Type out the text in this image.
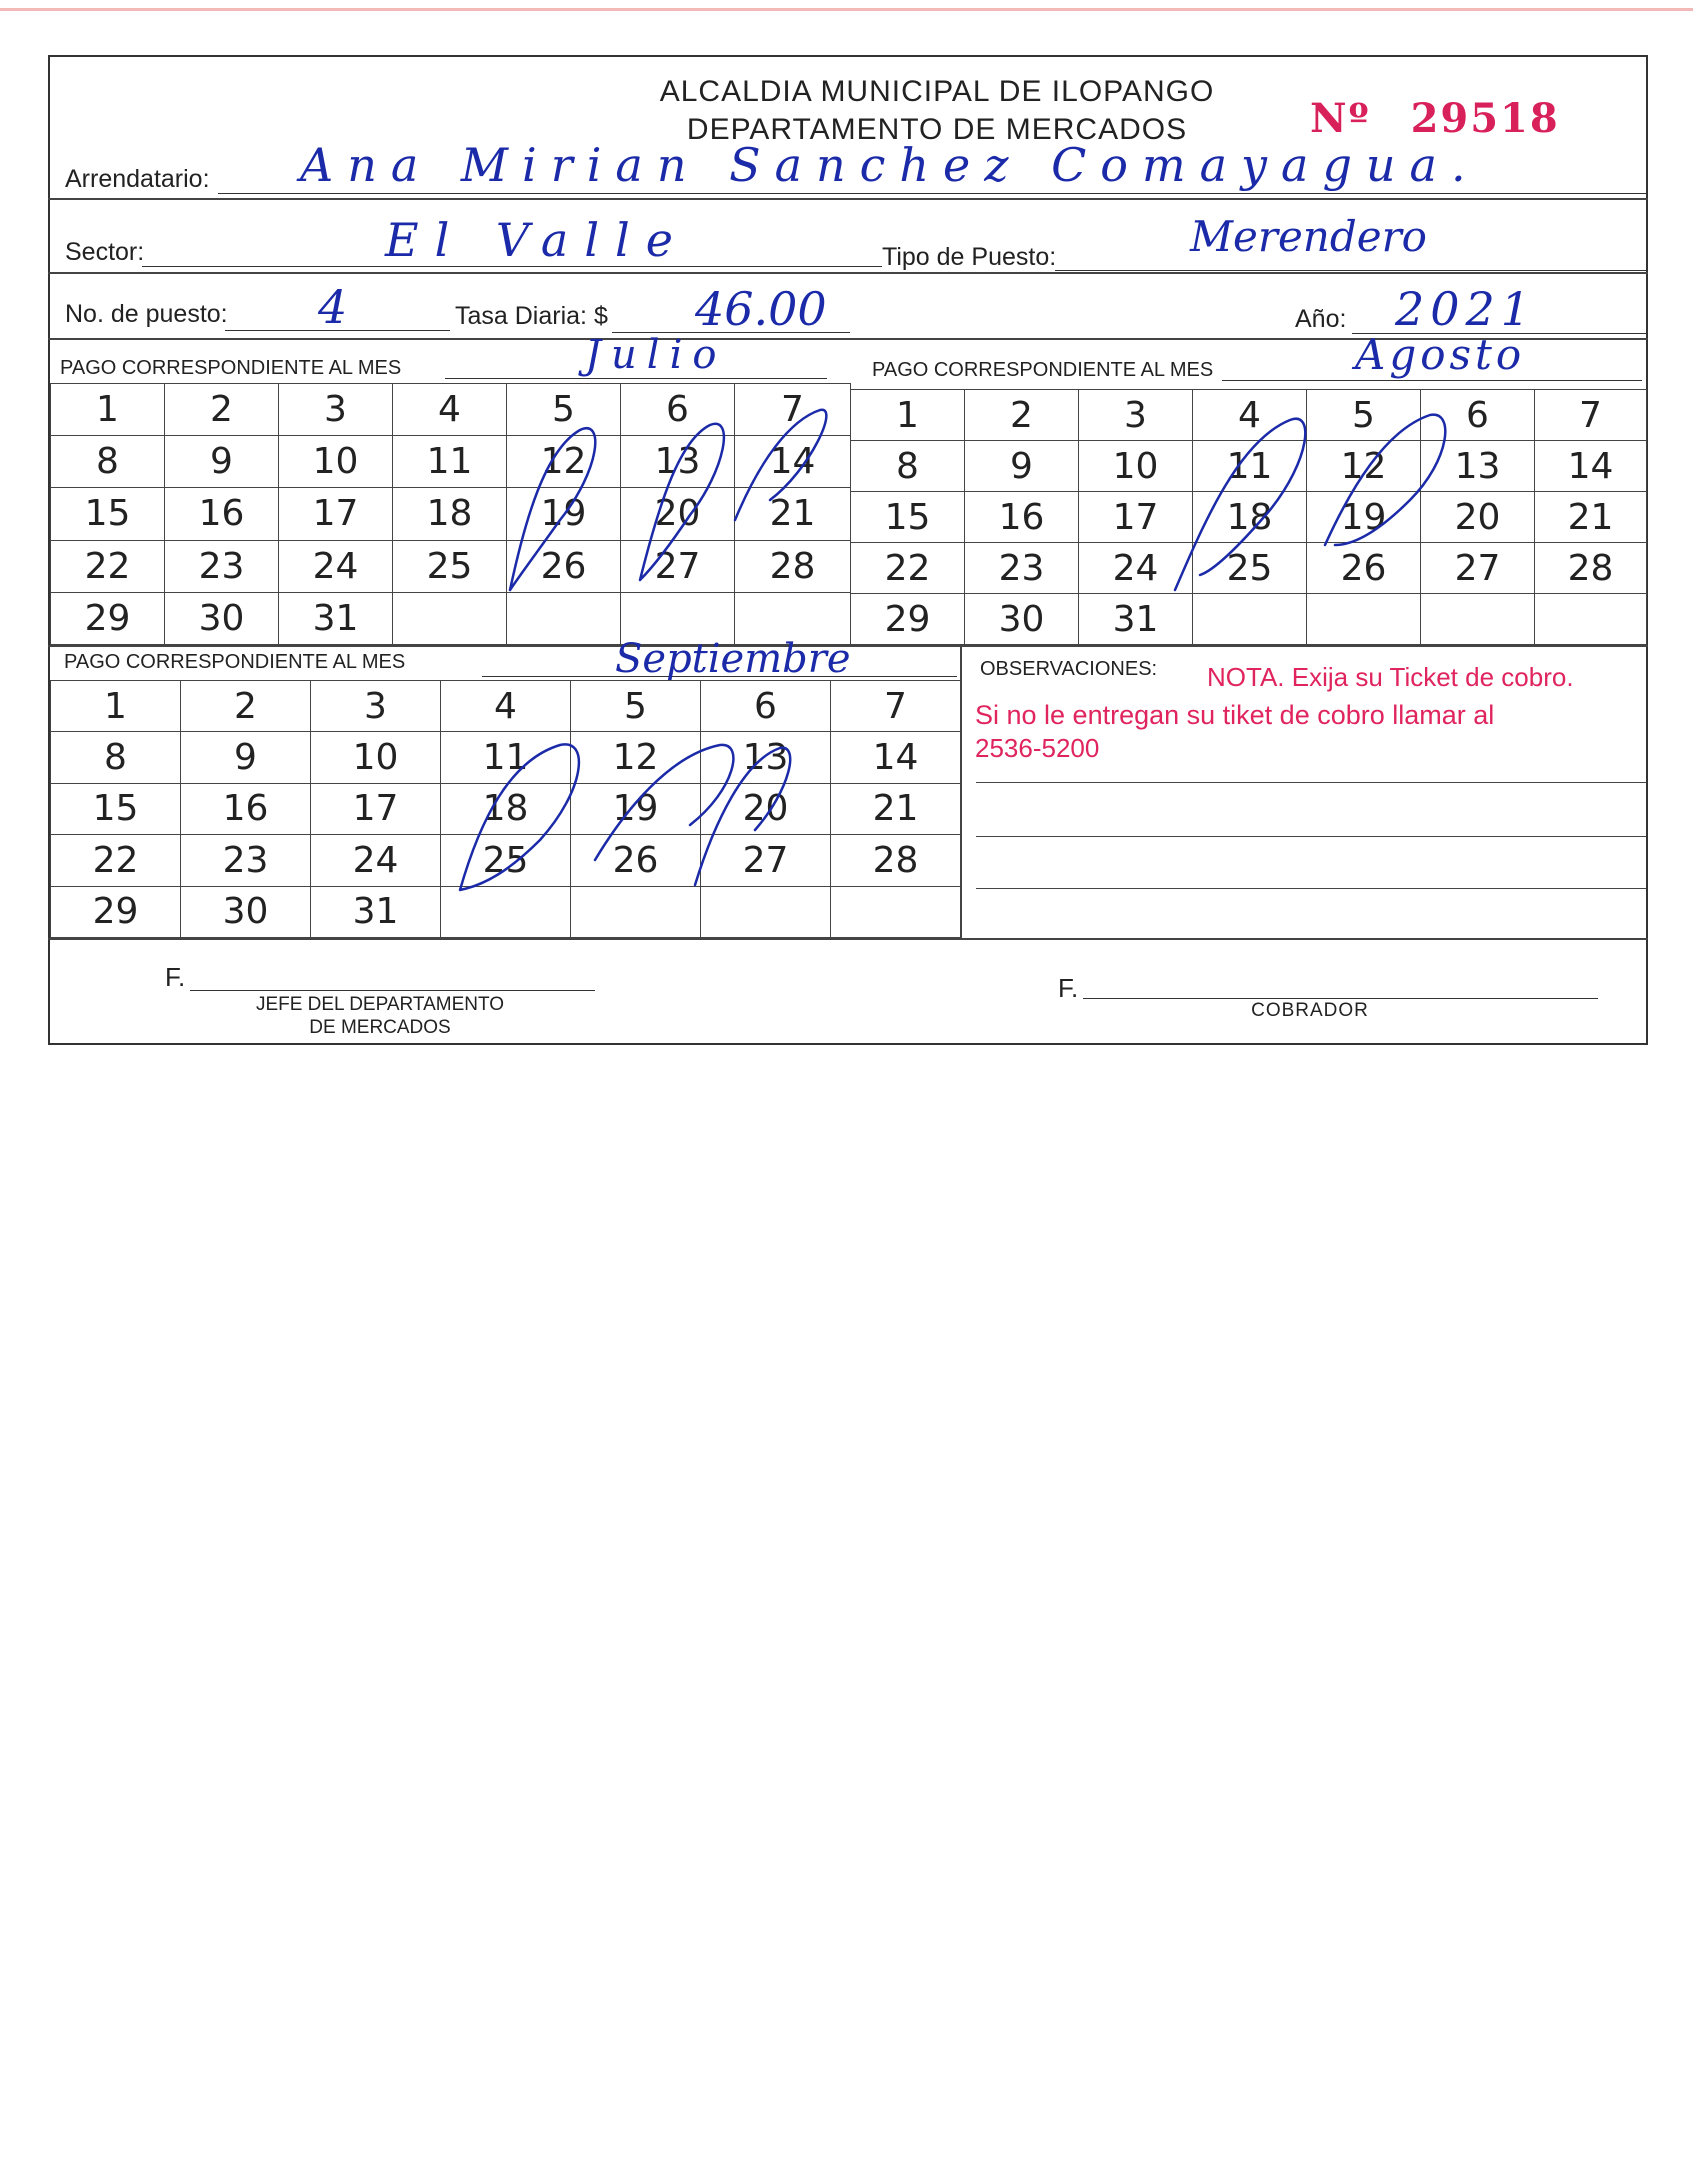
ALCALDIA MUNICIPAL DE ILOPANGO
DEPARTAMENTO DE MERCADOS	Nº 29518
Arrendatario: Ana Mirian Sanchez Comayagua.
Sector:	El Valle	Tipo de Puesto:	Merendero
No. de puesto: 4	Tasa Diaria: $ 46.00	Año: 2021
PAGO CORRESPONDIENTE AL MES	Julio	PAGO CORRESPONDIENTE AL MES	Agosto
1	2	3	4	5	6	7
8	9	10	11	12	13	14
15	16	17	18	19	20	21
22	23	24	25	26	27	28
29	30	31				
1	2	3	4	5	6	7
8	9	10	11	12	13	14
15	16	17	18	19	20	21
22	23	24	25	26	27	28
29	30	31				
PAGO CORRESPONDIENTE AL MES	Septiembre
1	2	3	4	5	6	7
8	9	10	11	12	13	14
15	16	17	18	19	20	21
22	23	24	25	26	27	28
29	30	31				
OBSERVACIONES: NOTA. Exija su Ticket de cobro.
Si no le entregan su tiket de cobro llamar al
2536-5200
F.
JEFE DEL DEPARTAMENTO
DE MERCADOS
F.
COBRADOR
